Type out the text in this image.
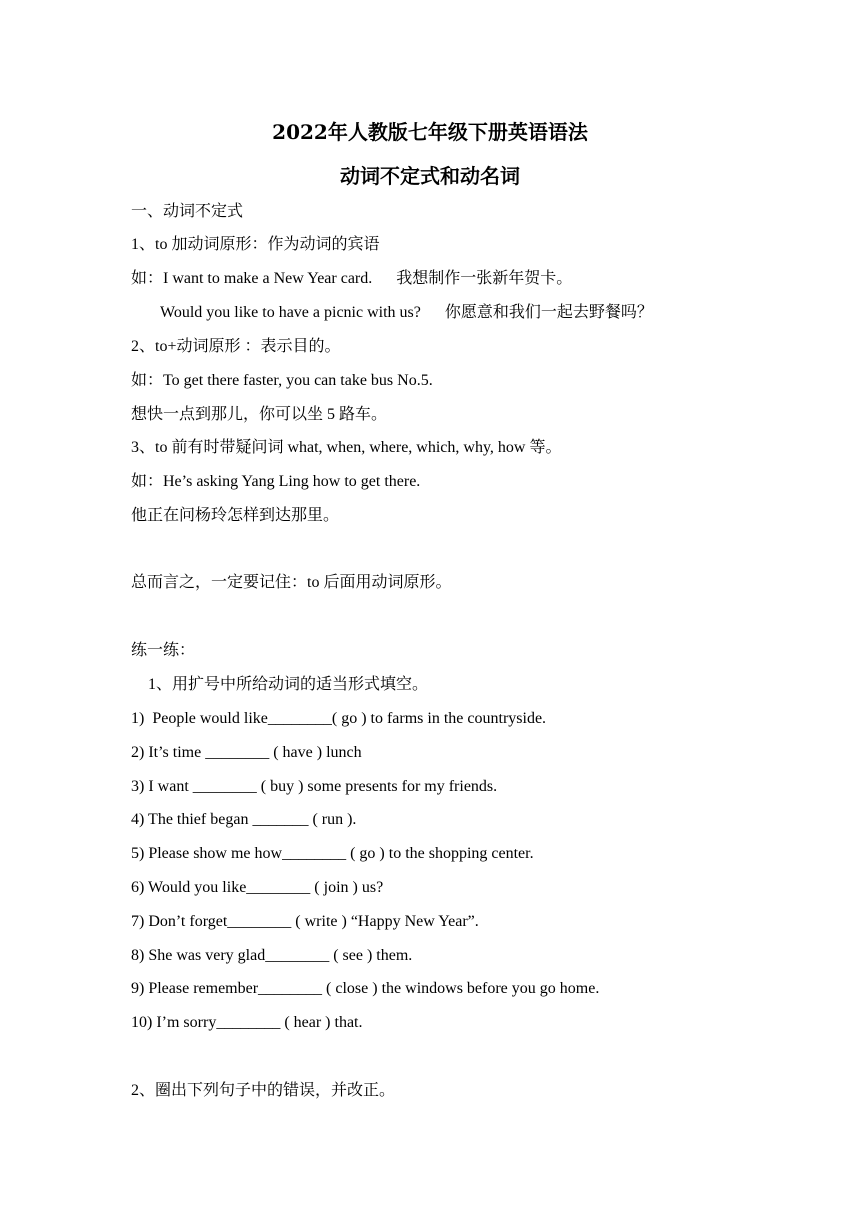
2022年人教版七年级下册英语语法
动词不定式和动名词
一、动词不定式
1、to 加动词原形：作为动词的宾语
如：I want to make a New Year card.      我想制作一张新年贺卡。
Would you like to have a picnic with us?      你愿意和我们一起去野餐吗？
2、to+动词原形 ：表示目的。
如：To get there faster, you can take bus No.5.
想快一点到那儿，你可以坐 5 路车。
3、to 前有时带疑问词 what, when, where, which, why, how 等。
如：He’s asking Yang Ling how to get there.
他正在问杨玲怎样到达那里。
总而言之，一定要记住：to 后面用动词原形。
练一练：
1、用扩号中所给动词的适当形式填空。
1)  People would like________( go ) to farms in the countryside.
2) It’s time ________ ( have ) lunch
3) I want ________ ( buy ) some presents for my friends.
4) The thief began _______ ( run ).
5) Please show me how________ ( go ) to the shopping center.
6) Would you like________ ( join ) us?
7) Don’t forget________ ( write ) “Happy New Year”.
8) She was very glad________ ( see ) them.
9) Please remember________ ( close ) the windows before you go home.
10) I’m sorry________ ( hear ) that.
2、圈出下列句子中的错误，并改正。
